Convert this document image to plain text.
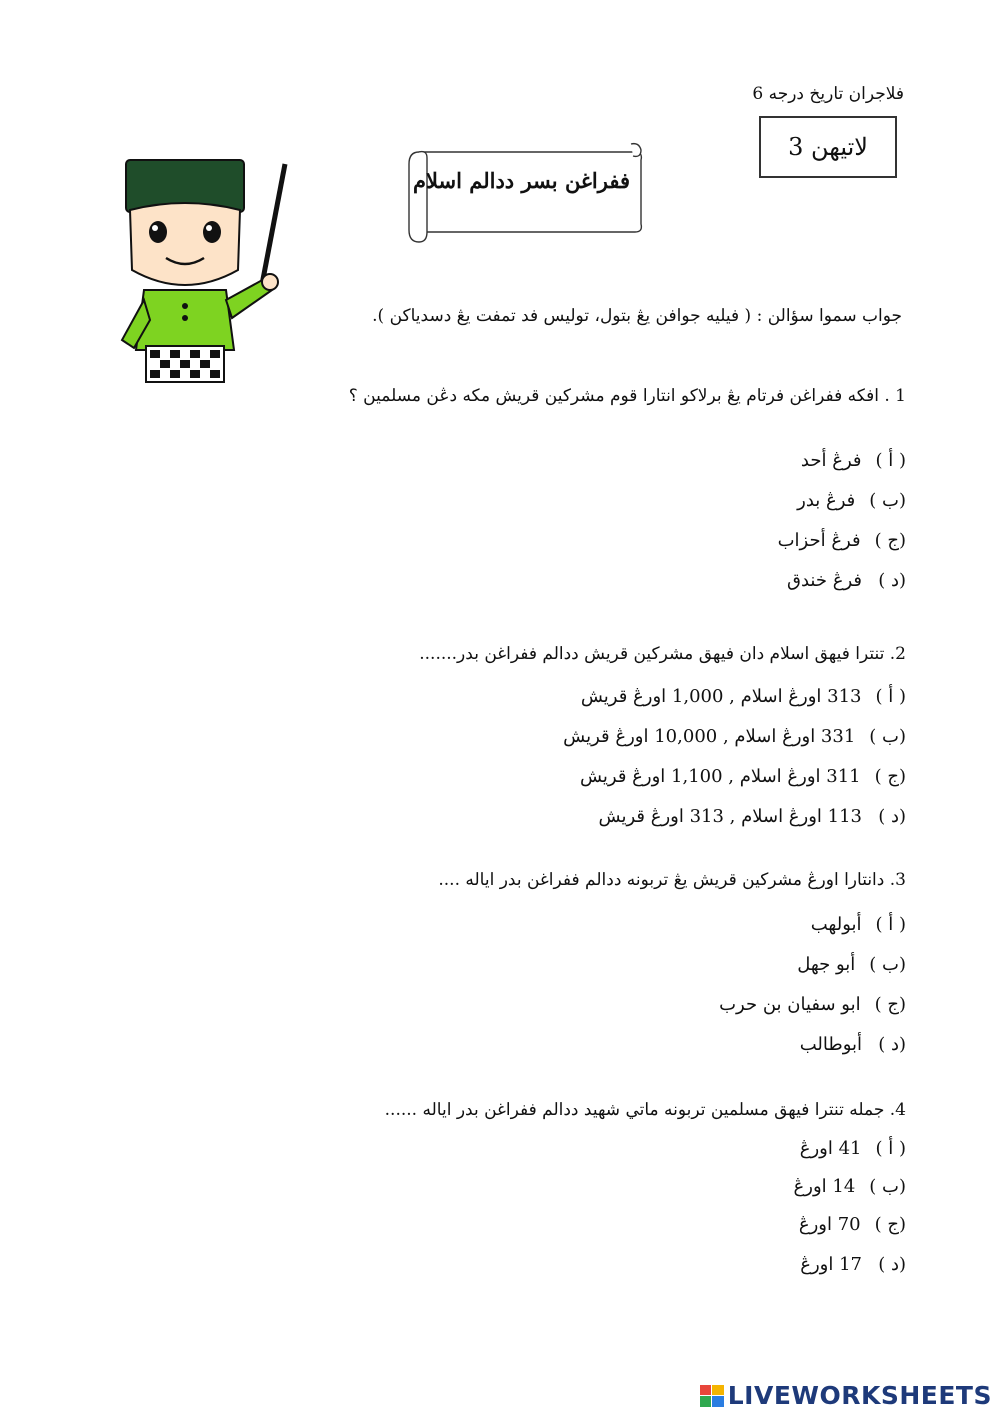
فلاجران تاريخ درجه 6
لاتيهن 3
ففراغن بسر ددالم اسلام
جواب سموا سؤالن : ( فيليه جوافن يڠ بتول، توليس فد تمفت يڠ دسدياكن ).
1 . افكه ففراغن فرتام يڠ برلاكو انتارا قوم مشركين قريش مكه دڠن مسلمين ؟
( أ )
فرڠ أحد
(ب )
فرڠ بدر
(ج )
فرڠ أحزاب
(د )
فرڠ خندق
2. تنترا فيهق اسلام دان فيهق مشركين قريش ددالم ففراغن بدر.......
( أ )
313 اورڠ اسلام , 1,000 اورڠ قريش
(ب )
331 اورڠ اسلام , 10,000 اورڠ قريش
(ج )
311 اورڠ اسلام , 1,100 اورڠ قريش
(د )
113 اورڠ اسلام , 313 اورڠ قريش
3. دانتارا اورڠ مشركين قريش يڠ تربونه ددالم ففراغن بدر اياله ....
( أ )
أبولهب
(ب )
أبو جهل
(ج )
ابو سفيان بن حرب
(د )
أبوطالب
4. جمله تنترا فيهق مسلمين تربونه ماتي شهيد ددالم ففراغن بدر اياله ......
( أ )
41 اورڠ
(ب )
14 اورڠ
(ج )
70 اورڠ
(د )
17 اورڠ
LIVEWORKSHEETS
